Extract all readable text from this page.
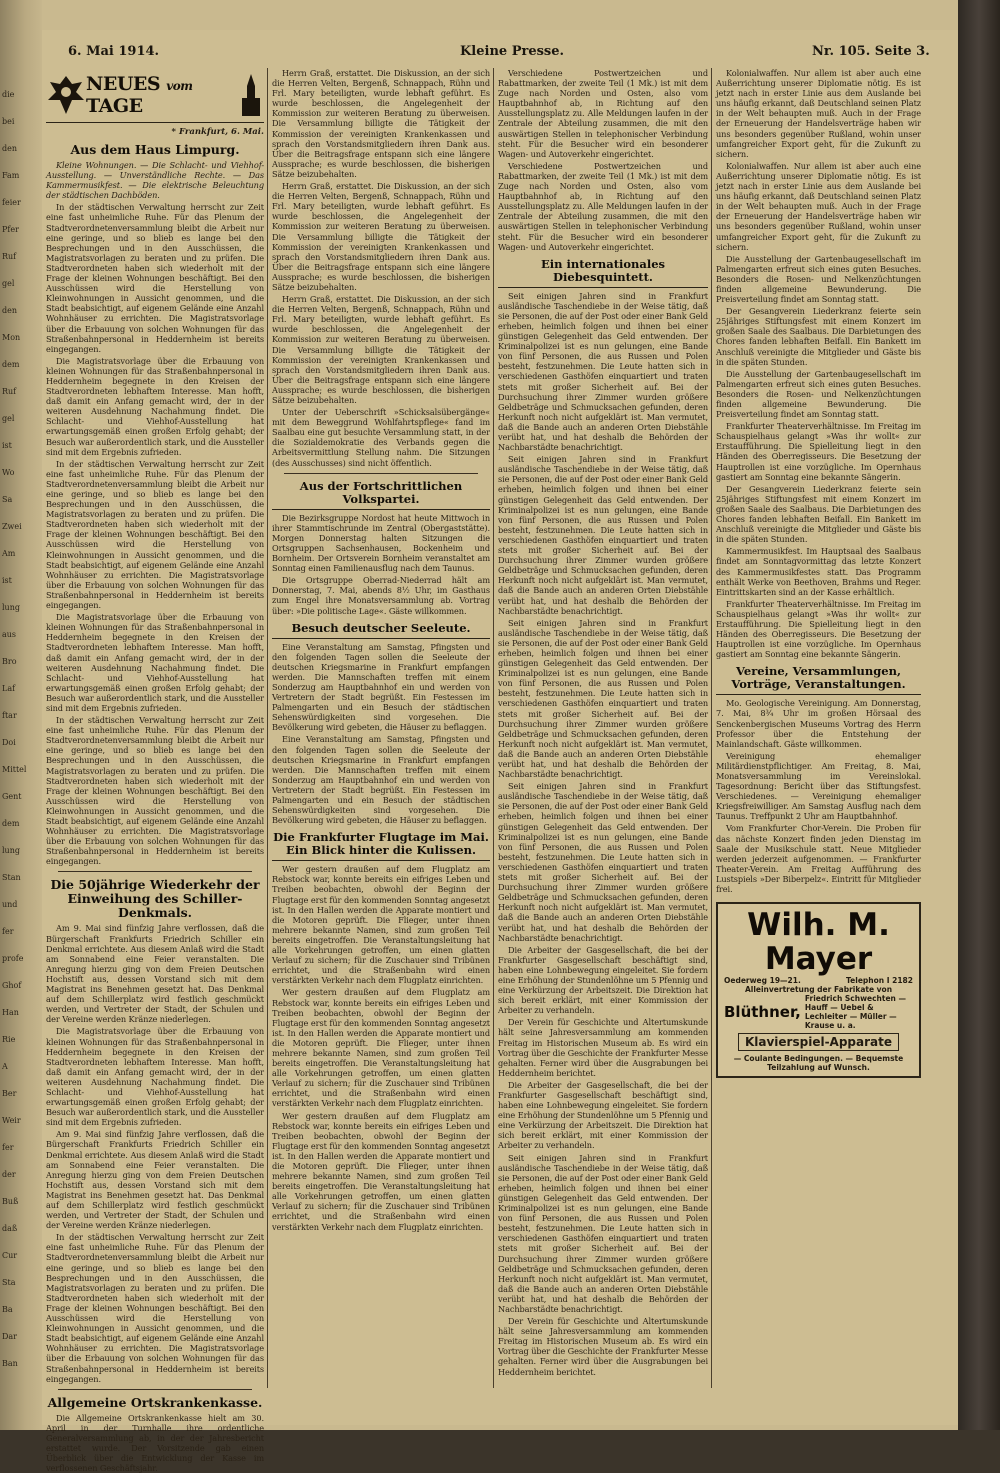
die
bei
den
Fam
feier
Pfer
Ruf
gel
den
Mon
dem
Ruf
gel
ist
Wo
Sa
Zwei
Am
ist
lung
aus
Bro
Laf
ftar
Doi
Mittel
Gent
dem
lung
Stan
und
fer
profe
Ghof
Han
Rie
A
Ber
Weir
fer
der
Buß
daß
Cur
Sta
Ba
Dar
Ban
6. Mai 1914.	Kleine Presse.	Nr. 105. Seite 3.
NEUES vom TAGE
* Frankfurt, 6. Mai.
Aus dem Haus Limpurg.

Kleine Wohnungen. — Die Schlacht- und Viehhof-Ausstellung. — Unverständliche Rechte. — Das Kammermusikfest. — Die elektrische Beleuchtung der städtischen Dachböden.

In der städtischen Verwaltung herrscht zur Zeit eine fast unheimliche Ruhe. Für das Plenum der Stadtverordnetenversammlung bleibt die Arbeit nur eine geringe, und so blieb es lange bei den Besprechungen und in den Ausschüssen, die Magistratsvorlagen zu beraten und zu prüfen. Die Stadtverordneten haben sich wiederholt mit der Frage der kleinen Wohnungen beschäftigt. Bei den Ausschüssen wird die Herstellung von Kleinwohnungen in Aussicht genommen, und die Stadt beabsichtigt, auf eigenem Gelände eine Anzahl Wohnhäuser zu errichten. Die Magistratsvorlage über die Erbauung von solchen Wohnungen für das Straßenbahnpersonal in Heddernheim ist bereits eingegangen.

Die Magistratsvorlage über die Erbauung von kleinen Wohnungen für das Straßenbahnpersonal in Heddernheim begegnete in den Kreisen der Stadtverordneten lebhaftem Interesse. Man hofft, daß damit ein Anfang gemacht wird, der in der weiteren Ausdehnung Nachahmung findet. Die Schlacht- und Viehhof-Ausstellung hat erwartungsgemäß einen großen Erfolg gehabt; der Besuch war außerordentlich stark, und die Aussteller sind mit dem Ergebnis zufrieden.

In der städtischen Verwaltung herrscht zur Zeit eine fast unheimliche Ruhe. Für das Plenum der Stadtverordnetenversammlung bleibt die Arbeit nur eine geringe, und so blieb es lange bei den Besprechungen und in den Ausschüssen, die Magistratsvorlagen zu beraten und zu prüfen. Die Stadtverordneten haben sich wiederholt mit der Frage der kleinen Wohnungen beschäftigt. Bei den Ausschüssen wird die Herstellung von Kleinwohnungen in Aussicht genommen, und die Stadt beabsichtigt, auf eigenem Gelände eine Anzahl Wohnhäuser zu errichten. Die Magistratsvorlage über die Erbauung von solchen Wohnungen für das Straßenbahnpersonal in Heddernheim ist bereits eingegangen.

Die Magistratsvorlage über die Erbauung von kleinen Wohnungen für das Straßenbahnpersonal in Heddernheim begegnete in den Kreisen der Stadtverordneten lebhaftem Interesse. Man hofft, daß damit ein Anfang gemacht wird, der in der weiteren Ausdehnung Nachahmung findet. Die Schlacht- und Viehhof-Ausstellung hat erwartungsgemäß einen großen Erfolg gehabt; der Besuch war außerordentlich stark, und die Aussteller sind mit dem Ergebnis zufrieden.

In der städtischen Verwaltung herrscht zur Zeit eine fast unheimliche Ruhe. Für das Plenum der Stadtverordnetenversammlung bleibt die Arbeit nur eine geringe, und so blieb es lange bei den Besprechungen und in den Ausschüssen, die Magistratsvorlagen zu beraten und zu prüfen. Die Stadtverordneten haben sich wiederholt mit der Frage der kleinen Wohnungen beschäftigt. Bei den Ausschüssen wird die Herstellung von Kleinwohnungen in Aussicht genommen, und die Stadt beabsichtigt, auf eigenem Gelände eine Anzahl Wohnhäuser zu errichten. Die Magistratsvorlage über die Erbauung von solchen Wohnungen für das Straßenbahnpersonal in Heddernheim ist bereits eingegangen.

Die 50jährige Wiederkehr der Einweihung des Schiller-Denkmals.

Am 9. Mai sind fünfzig Jahre verflossen, daß die Bürgerschaft Frankfurts Friedrich Schiller ein Denkmal errichtete. Aus diesem Anlaß wird die Stadt am Sonnabend eine Feier veranstalten. Die Anregung hierzu ging von dem Freien Deutschen Hochstift aus, dessen Vorstand sich mit dem Magistrat ins Benehmen gesetzt hat. Das Denkmal auf dem Schillerplatz wird festlich geschmückt werden, und Vertreter der Stadt, der Schulen und der Vereine werden Kränze niederlegen.

Die Magistratsvorlage über die Erbauung von kleinen Wohnungen für das Straßenbahnpersonal in Heddernheim begegnete in den Kreisen der Stadtverordneten lebhaftem Interesse. Man hofft, daß damit ein Anfang gemacht wird, der in der weiteren Ausdehnung Nachahmung findet. Die Schlacht- und Viehhof-Ausstellung hat erwartungsgemäß einen großen Erfolg gehabt; der Besuch war außerordentlich stark, und die Aussteller sind mit dem Ergebnis zufrieden.

Am 9. Mai sind fünfzig Jahre verflossen, daß die Bürgerschaft Frankfurts Friedrich Schiller ein Denkmal errichtete. Aus diesem Anlaß wird die Stadt am Sonnabend eine Feier veranstalten. Die Anregung hierzu ging von dem Freien Deutschen Hochstift aus, dessen Vorstand sich mit dem Magistrat ins Benehmen gesetzt hat. Das Denkmal auf dem Schillerplatz wird festlich geschmückt werden, und Vertreter der Stadt, der Schulen und der Vereine werden Kränze niederlegen.

In der städtischen Verwaltung herrscht zur Zeit eine fast unheimliche Ruhe. Für das Plenum der Stadtverordnetenversammlung bleibt die Arbeit nur eine geringe, und so blieb es lange bei den Besprechungen und in den Ausschüssen, die Magistratsvorlagen zu beraten und zu prüfen. Die Stadtverordneten haben sich wiederholt mit der Frage der kleinen Wohnungen beschäftigt. Bei den Ausschüssen wird die Herstellung von Kleinwohnungen in Aussicht genommen, und die Stadt beabsichtigt, auf eigenem Gelände eine Anzahl Wohnhäuser zu errichten. Die Magistratsvorlage über die Erbauung von solchen Wohnungen für das Straßenbahnpersonal in Heddernheim ist bereits eingegangen.

Allgemeine Ortskrankenkasse.

Die Allgemeine Ortskrankenkasse hielt am 30. April in der Turnhalle ihre ordentliche Generalversammlung ab, in der der Jahresbericht erstattet wurde. Der Vorsitzende gab einen Überblick über die Entwicklung der Kasse im verflossenen Geschäftsjahr.

Herrn Graß, erstattet. Die Diskussion, an der sich die Herren Velten, Bergenß, Schnappach, Rühn und Frl. Mary beteiligten, wurde lebhaft geführt. Es wurde beschlossen, die Angelegenheit der Kommission zur weiteren Beratung zu überweisen. Die Versammlung billigte die Tätigkeit der Kommission der vereinigten Krankenkassen und sprach den Vorstandsmitgliedern ihren Dank aus. Über die Beitragsfrage entspann sich eine längere Aussprache; es wurde beschlossen, die bisherigen Sätze beizubehalten.

Herrn Graß, erstattet. Die Diskussion, an der sich die Herren Velten, Bergenß, Schnappach, Rühn und Frl. Mary beteiligten, wurde lebhaft geführt. Es wurde beschlossen, die Angelegenheit der Kommission zur weiteren Beratung zu überweisen. Die Versammlung billigte die Tätigkeit der Kommission der vereinigten Krankenkassen und sprach den Vorstandsmitgliedern ihren Dank aus. Über die Beitragsfrage entspann sich eine längere Aussprache; es wurde beschlossen, die bisherigen Sätze beizubehalten.

Herrn Graß, erstattet. Die Diskussion, an der sich die Herren Velten, Bergenß, Schnappach, Rühn und Frl. Mary beteiligten, wurde lebhaft geführt. Es wurde beschlossen, die Angelegenheit der Kommission zur weiteren Beratung zu überweisen. Die Versammlung billigte die Tätigkeit der Kommission der vereinigten Krankenkassen und sprach den Vorstandsmitgliedern ihren Dank aus. Über die Beitragsfrage entspann sich eine längere Aussprache; es wurde beschlossen, die bisherigen Sätze beizubehalten.

Unter der Ueberschrift »Schicksalsübergänge« mit dem Beweggrund Wohlfahrtspflege« fand im Saalbau eine gut besuchte Versammlung statt, in der die Sozialdemokratie des Verbands gegen die Arbeitsvermittlung Stellung nahm. Die Sitzungen (des Ausschusses) sind nicht öffentlich.

Aus der Fortschrittlichen Volkspartei.

Die Bezirksgruppe Nordost hat heute Mittwoch in ihrer Stammtischrunde im Zentral (Obergaststätte). Morgen Donnerstag halten Sitzungen die Ortsgruppen Sachsenhausen, Bockenheim und Bornheim. Der Ortsverein Bornheim veranstaltet am Sonntag einen Familienausflug nach dem Taunus.

Die Ortsgruppe Oberrad-Niederrad hält am Donnerstag, 7. Mai, abends 8½ Uhr, im Gasthaus zum Engel ihre Monatsversammlung ab. Vortrag über: »Die politische Lage«. Gäste willkommen.

Besuch deutscher Seeleute.

Eine Veranstaltung am Samstag, Pfingsten und den folgenden Tagen sollen die Seeleute der deutschen Kriegsmarine in Frankfurt empfangen werden. Die Mannschaften treffen mit einem Sonderzug am Hauptbahnhof ein und werden von Vertretern der Stadt begrüßt. Ein Festessen im Palmengarten und ein Besuch der städtischen Sehenswürdigkeiten sind vorgesehen. Die Bevölkerung wird gebeten, die Häuser zu beflaggen.

Eine Veranstaltung am Samstag, Pfingsten und den folgenden Tagen sollen die Seeleute der deutschen Kriegsmarine in Frankfurt empfangen werden. Die Mannschaften treffen mit einem Sonderzug am Hauptbahnhof ein und werden von Vertretern der Stadt begrüßt. Ein Festessen im Palmengarten und ein Besuch der städtischen Sehenswürdigkeiten sind vorgesehen. Die Bevölkerung wird gebeten, die Häuser zu beflaggen.

Die Frankfurter Flugtage im Mai. Ein Blick hinter die Kulissen.

Wer gestern draußen auf dem Flugplatz am Rebstock war, konnte bereits ein eifriges Leben und Treiben beobachten, obwohl der Beginn der Flugtage erst für den kommenden Sonntag angesetzt ist. In den Hallen werden die Apparate montiert und die Motoren geprüft. Die Flieger, unter ihnen mehrere bekannte Namen, sind zum großen Teil bereits eingetroffen. Die Veranstaltungsleitung hat alle Vorkehrungen getroffen, um einen glatten Verlauf zu sichern; für die Zuschauer sind Tribünen errichtet, und die Straßenbahn wird einen verstärkten Verkehr nach dem Flugplatz einrichten.

Wer gestern draußen auf dem Flugplatz am Rebstock war, konnte bereits ein eifriges Leben und Treiben beobachten, obwohl der Beginn der Flugtage erst für den kommenden Sonntag angesetzt ist. In den Hallen werden die Apparate montiert und die Motoren geprüft. Die Flieger, unter ihnen mehrere bekannte Namen, sind zum großen Teil bereits eingetroffen. Die Veranstaltungsleitung hat alle Vorkehrungen getroffen, um einen glatten Verlauf zu sichern; für die Zuschauer sind Tribünen errichtet, und die Straßenbahn wird einen verstärkten Verkehr nach dem Flugplatz einrichten.

Wer gestern draußen auf dem Flugplatz am Rebstock war, konnte bereits ein eifriges Leben und Treiben beobachten, obwohl der Beginn der Flugtage erst für den kommenden Sonntag angesetzt ist. In den Hallen werden die Apparate montiert und die Motoren geprüft. Die Flieger, unter ihnen mehrere bekannte Namen, sind zum großen Teil bereits eingetroffen. Die Veranstaltungsleitung hat alle Vorkehrungen getroffen, um einen glatten Verlauf zu sichern; für die Zuschauer sind Tribünen errichtet, und die Straßenbahn wird einen verstärkten Verkehr nach dem Flugplatz einrichten.

Verschiedene Postwertzeichen und Rabattmarken, der zweite Teil (1 Mk.) ist mit dem Zuge nach Norden und Osten, also vom Hauptbahnhof ab, in Richtung auf den Ausstellungsplatz zu. Alle Meldungen laufen in der Zentrale der Abteilung zusammen, die mit den auswärtigen Stellen in telephonischer Verbindung steht. Für die Besucher wird ein besonderer Wagen- und Autoverkehr eingerichtet.

Verschiedene Postwertzeichen und Rabattmarken, der zweite Teil (1 Mk.) ist mit dem Zuge nach Norden und Osten, also vom Hauptbahnhof ab, in Richtung auf den Ausstellungsplatz zu. Alle Meldungen laufen in der Zentrale der Abteilung zusammen, die mit den auswärtigen Stellen in telephonischer Verbindung steht. Für die Besucher wird ein besonderer Wagen- und Autoverkehr eingerichtet.

Ein internationales Diebesquintett.

Seit einigen Jahren sind in Frankfurt ausländische Taschendiebe in der Weise tätig, daß sie Personen, die auf der Post oder einer Bank Geld erheben, heimlich folgen und ihnen bei einer günstigen Gelegenheit das Geld entwenden. Der Kriminalpolizei ist es nun gelungen, eine Bande von fünf Personen, die aus Russen und Polen besteht, festzunehmen. Die Leute hatten sich in verschiedenen Gasthöfen einquartiert und traten stets mit großer Sicherheit auf. Bei der Durchsuchung ihrer Zimmer wurden größere Geldbeträge und Schmucksachen gefunden, deren Herkunft noch nicht aufgeklärt ist. Man vermutet, daß die Bande auch an anderen Orten Diebstähle verübt hat, und hat deshalb die Behörden der Nachbarstädte benachrichtigt.

Seit einigen Jahren sind in Frankfurt ausländische Taschendiebe in der Weise tätig, daß sie Personen, die auf der Post oder einer Bank Geld erheben, heimlich folgen und ihnen bei einer günstigen Gelegenheit das Geld entwenden. Der Kriminalpolizei ist es nun gelungen, eine Bande von fünf Personen, die aus Russen und Polen besteht, festzunehmen. Die Leute hatten sich in verschiedenen Gasthöfen einquartiert und traten stets mit großer Sicherheit auf. Bei der Durchsuchung ihrer Zimmer wurden größere Geldbeträge und Schmucksachen gefunden, deren Herkunft noch nicht aufgeklärt ist. Man vermutet, daß die Bande auch an anderen Orten Diebstähle verübt hat, und hat deshalb die Behörden der Nachbarstädte benachrichtigt.

Seit einigen Jahren sind in Frankfurt ausländische Taschendiebe in der Weise tätig, daß sie Personen, die auf der Post oder einer Bank Geld erheben, heimlich folgen und ihnen bei einer günstigen Gelegenheit das Geld entwenden. Der Kriminalpolizei ist es nun gelungen, eine Bande von fünf Personen, die aus Russen und Polen besteht, festzunehmen. Die Leute hatten sich in verschiedenen Gasthöfen einquartiert und traten stets mit großer Sicherheit auf. Bei der Durchsuchung ihrer Zimmer wurden größere Geldbeträge und Schmucksachen gefunden, deren Herkunft noch nicht aufgeklärt ist. Man vermutet, daß die Bande auch an anderen Orten Diebstähle verübt hat, und hat deshalb die Behörden der Nachbarstädte benachrichtigt.

Seit einigen Jahren sind in Frankfurt ausländische Taschendiebe in der Weise tätig, daß sie Personen, die auf der Post oder einer Bank Geld erheben, heimlich folgen und ihnen bei einer günstigen Gelegenheit das Geld entwenden. Der Kriminalpolizei ist es nun gelungen, eine Bande von fünf Personen, die aus Russen und Polen besteht, festzunehmen. Die Leute hatten sich in verschiedenen Gasthöfen einquartiert und traten stets mit großer Sicherheit auf. Bei der Durchsuchung ihrer Zimmer wurden größere Geldbeträge und Schmucksachen gefunden, deren Herkunft noch nicht aufgeklärt ist. Man vermutet, daß die Bande auch an anderen Orten Diebstähle verübt hat, und hat deshalb die Behörden der Nachbarstädte benachrichtigt.

Die Arbeiter der Gasgesellschaft, die bei der Frankfurter Gasgesellschaft beschäftigt sind, haben eine Lohnbewegung eingeleitet. Sie fordern eine Erhöhung der Stundenlöhne um 5 Pfennig und eine Verkürzung der Arbeitszeit. Die Direktion hat sich bereit erklärt, mit einer Kommission der Arbeiter zu verhandeln.

Der Verein für Geschichte und Altertumskunde hält seine Jahresversammlung am kommenden Freitag im Historischen Museum ab. Es wird ein Vortrag über die Geschichte der Frankfurter Messe gehalten. Ferner wird über die Ausgrabungen bei Heddernheim berichtet.

Die Arbeiter der Gasgesellschaft, die bei der Frankfurter Gasgesellschaft beschäftigt sind, haben eine Lohnbewegung eingeleitet. Sie fordern eine Erhöhung der Stundenlöhne um 5 Pfennig und eine Verkürzung der Arbeitszeit. Die Direktion hat sich bereit erklärt, mit einer Kommission der Arbeiter zu verhandeln.

Seit einigen Jahren sind in Frankfurt ausländische Taschendiebe in der Weise tätig, daß sie Personen, die auf der Post oder einer Bank Geld erheben, heimlich folgen und ihnen bei einer günstigen Gelegenheit das Geld entwenden. Der Kriminalpolizei ist es nun gelungen, eine Bande von fünf Personen, die aus Russen und Polen besteht, festzunehmen. Die Leute hatten sich in verschiedenen Gasthöfen einquartiert und traten stets mit großer Sicherheit auf. Bei der Durchsuchung ihrer Zimmer wurden größere Geldbeträge und Schmucksachen gefunden, deren Herkunft noch nicht aufgeklärt ist. Man vermutet, daß die Bande auch an anderen Orten Diebstähle verübt hat, und hat deshalb die Behörden der Nachbarstädte benachrichtigt.

Der Verein für Geschichte und Altertumskunde hält seine Jahresversammlung am kommenden Freitag im Historischen Museum ab. Es wird ein Vortrag über die Geschichte der Frankfurter Messe gehalten. Ferner wird über die Ausgrabungen bei Heddernheim berichtet.

Kolonialwaffen. Nur allem ist aber auch eine Außerrichtung unserer Diplomatie nötig. Es ist jetzt nach in erster Linie aus dem Auslande bei uns häufig erkannt, daß Deutschland seinen Platz in der Welt behaupten muß. Auch in der Frage der Erneuerung der Handelsverträge haben wir uns besonders gegenüber Rußland, wohin unser umfangreicher Export geht, für die Zukunft zu sichern.

Kolonialwaffen. Nur allem ist aber auch eine Außerrichtung unserer Diplomatie nötig. Es ist jetzt nach in erster Linie aus dem Auslande bei uns häufig erkannt, daß Deutschland seinen Platz in der Welt behaupten muß. Auch in der Frage der Erneuerung der Handelsverträge haben wir uns besonders gegenüber Rußland, wohin unser umfangreicher Export geht, für die Zukunft zu sichern.

Die Ausstellung der Gartenbaugesellschaft im Palmengarten erfreut sich eines guten Besuches. Besonders die Rosen- und Nelkenzüchtungen finden allgemeine Bewunderung. Die Preisverteilung findet am Sonntag statt.

Der Gesangverein Liederkranz feierte sein 25jähriges Stiftungsfest mit einem Konzert im großen Saale des Saalbaus. Die Darbietungen des Chores fanden lebhaften Beifall. Ein Bankett im Anschluß vereinigte die Mitglieder und Gäste bis in die späten Stunden.

Die Ausstellung der Gartenbaugesellschaft im Palmengarten erfreut sich eines guten Besuches. Besonders die Rosen- und Nelkenzüchtungen finden allgemeine Bewunderung. Die Preisverteilung findet am Sonntag statt.

Frankfurter Theaterverhältnisse. Im Freitag im Schauspielhaus gelangt »Was ihr wollt« zur Erstaufführung. Die Spielleitung liegt in den Händen des Oberregisseurs. Die Besetzung der Hauptrollen ist eine vorzügliche. Im Opernhaus gastiert am Sonntag eine bekannte Sängerin.

Der Gesangverein Liederkranz feierte sein 25jähriges Stiftungsfest mit einem Konzert im großen Saale des Saalbaus. Die Darbietungen des Chores fanden lebhaften Beifall. Ein Bankett im Anschluß vereinigte die Mitglieder und Gäste bis in die späten Stunden.

Kammermusikfest. Im Hauptsaal des Saalbaus findet am Sonntagvormittag das letzte Konzert des Kammermusikfestes statt. Das Programm enthält Werke von Beethoven, Brahms und Reger. Eintrittskarten sind an der Kasse erhältlich.

Frankfurter Theaterverhältnisse. Im Freitag im Schauspielhaus gelangt »Was ihr wollt« zur Erstaufführung. Die Spielleitung liegt in den Händen des Oberregisseurs. Die Besetzung der Hauptrollen ist eine vorzügliche. Im Opernhaus gastiert am Sonntag eine bekannte Sängerin.

Vereine, Versammlungen, Vorträge, Veranstaltungen.

Mo. Geologische Vereinigung. Am Donnerstag, 7. Mai, 8¾ Uhr im großen Hörsaal des Senckenbergischen Museums Vortrag des Herrn Professor über die Entstehung der Mainlandschaft. Gäste willkommen.

Vereinigung ehemaliger Militärdienstpflichtiger. Am Freitag, 8. Mai, Monatsversammlung im Vereinslokal. Tagesordnung: Bericht über das Stiftungsfest. Verschiedenes. — Vereinigung ehemaliger Kriegsfreiwilliger. Am Samstag Ausflug nach dem Taunus. Treffpunkt 2 Uhr am Hauptbahnhof.

Vom Frankfurter Chor-Verein. Die Proben für das nächste Konzert finden jeden Dienstag im Saale der Musikschule statt. Neue Mitglieder werden jederzeit aufgenommen. — Frankfurter Theater-Verein. Am Freitag Aufführung des Lustspiels »Der Biberpelz«. Eintritt für Mitglieder frei.

Wilh. M. Mayer
Oederweg 19—21.	Telephon I 2182
Alleinvertretung der Fabrikate von
Blüthner,
Friedrich Schwechten — Hauff — Uebel & Lechleiter — Müller — Krause u. a.
Klavierspiel-Apparate
— Coulante Bedingungen. — Bequemste Teilzahlung auf Wunsch.
